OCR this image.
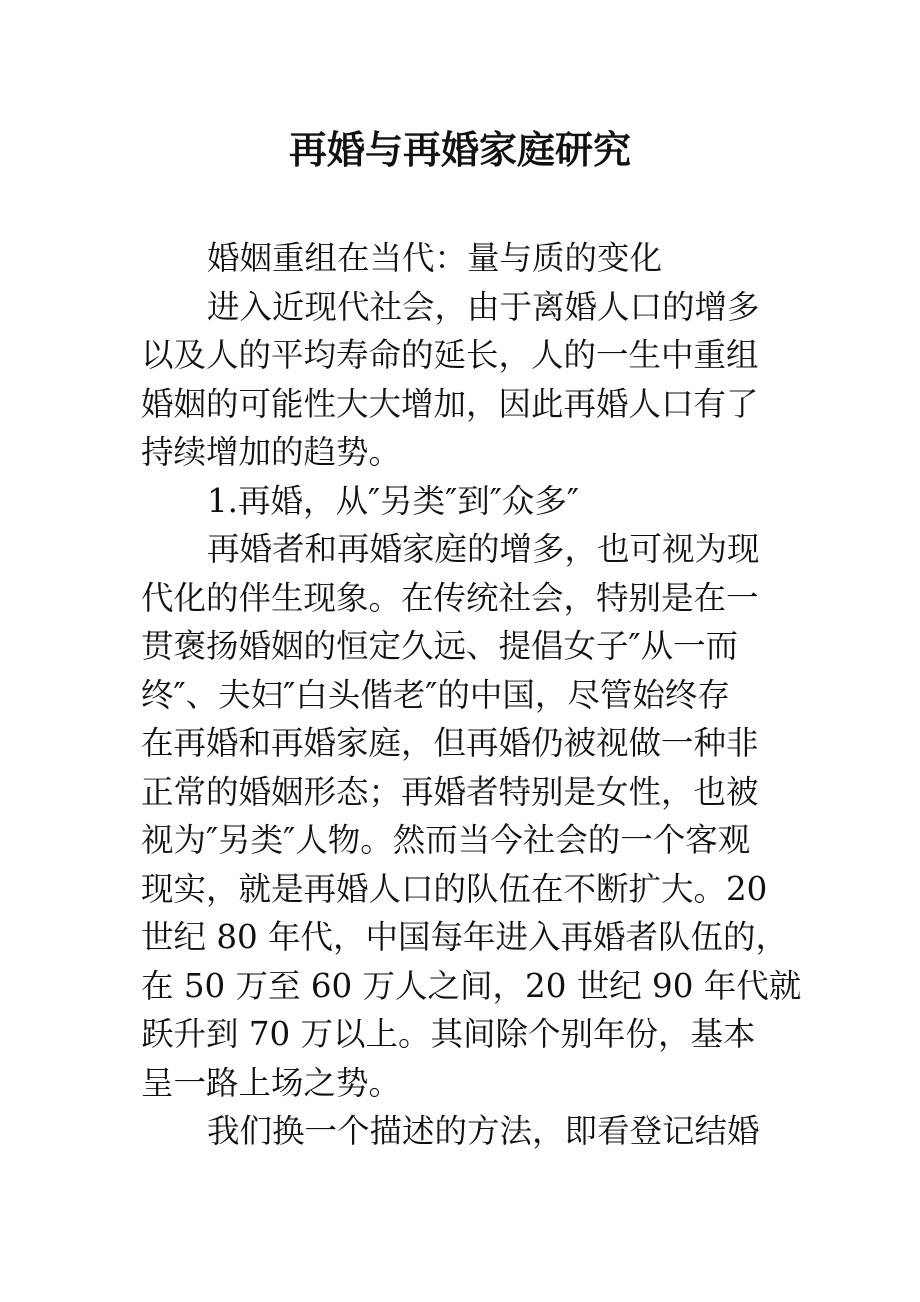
再婚与再婚家庭研究
婚姻重组在当代：量与质的变化
进入近现代社会，由于离婚人口的增多
以及人的平均寿命的延长，人的一生中重组
婚姻的可能性大大增加，因此再婚人口有了
持续增加的趋势。
1.再婚，从″另类″到″众多″
再婚者和再婚家庭的增多，也可视为现
代化的伴生现象。在传统社会，特别是在一
贯褒扬婚姻的恒定久远、提倡女子″从一而
终″、夫妇″白头偕老″的中国，尽管始终存
在再婚和再婚家庭，但再婚仍被视做一种非
正常的婚姻形态；再婚者特别是女性，也被
视为″另类″人物。然而当今社会的一个客观
现实，就是再婚人口的队伍在不断扩大。20
世纪 80 年代，中国每年进入再婚者队伍的，
在 50 万至 60 万人之间，20 世纪 90 年代就
跃升到 70 万以上。其间除个别年份，基本
呈一路上场之势。
我们换一个描述的方法，即看登记结婚
